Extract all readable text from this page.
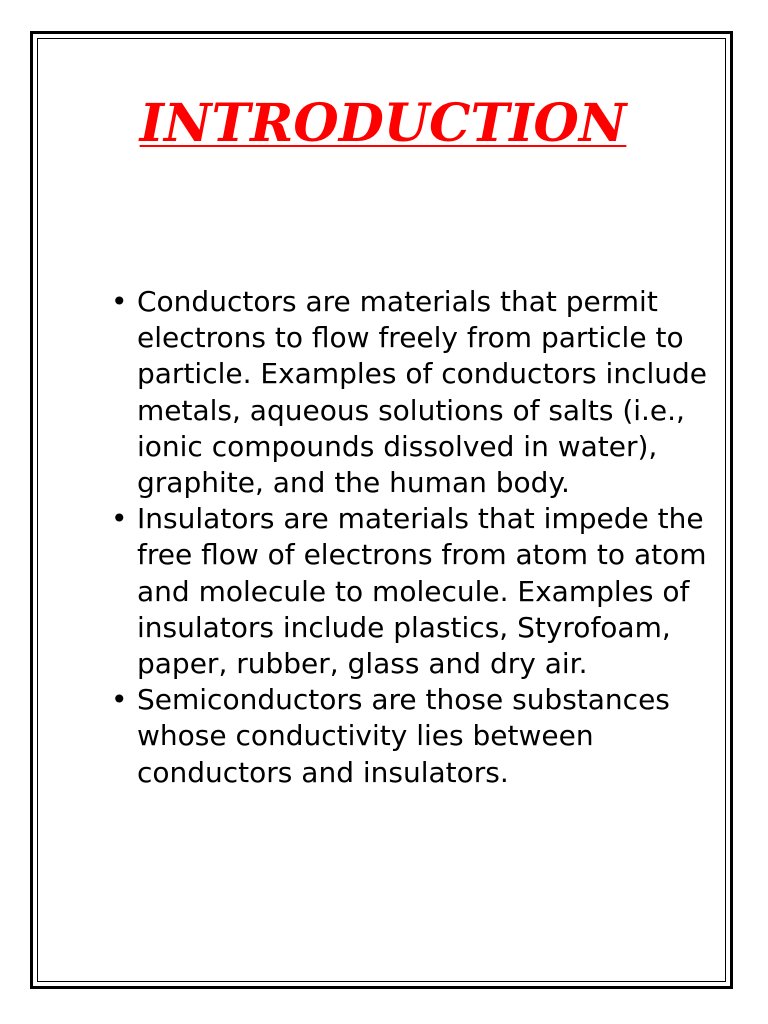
INTRODUCTION
• Conductors are materials that permit electrons to flow freely from particle to particle. Examples of conductors include metals, aqueous solutions of salts (i.e., ionic compounds dissolved in water), graphite, and the human body.
• Insulators are materials that impede the free flow of electrons from atom to atom and molecule to molecule. Examples of insulators include plastics, Styrofoam, paper, rubber, glass and dry air.
• Semiconductors are those substances whose conductivity lies between conductors and insulators.
